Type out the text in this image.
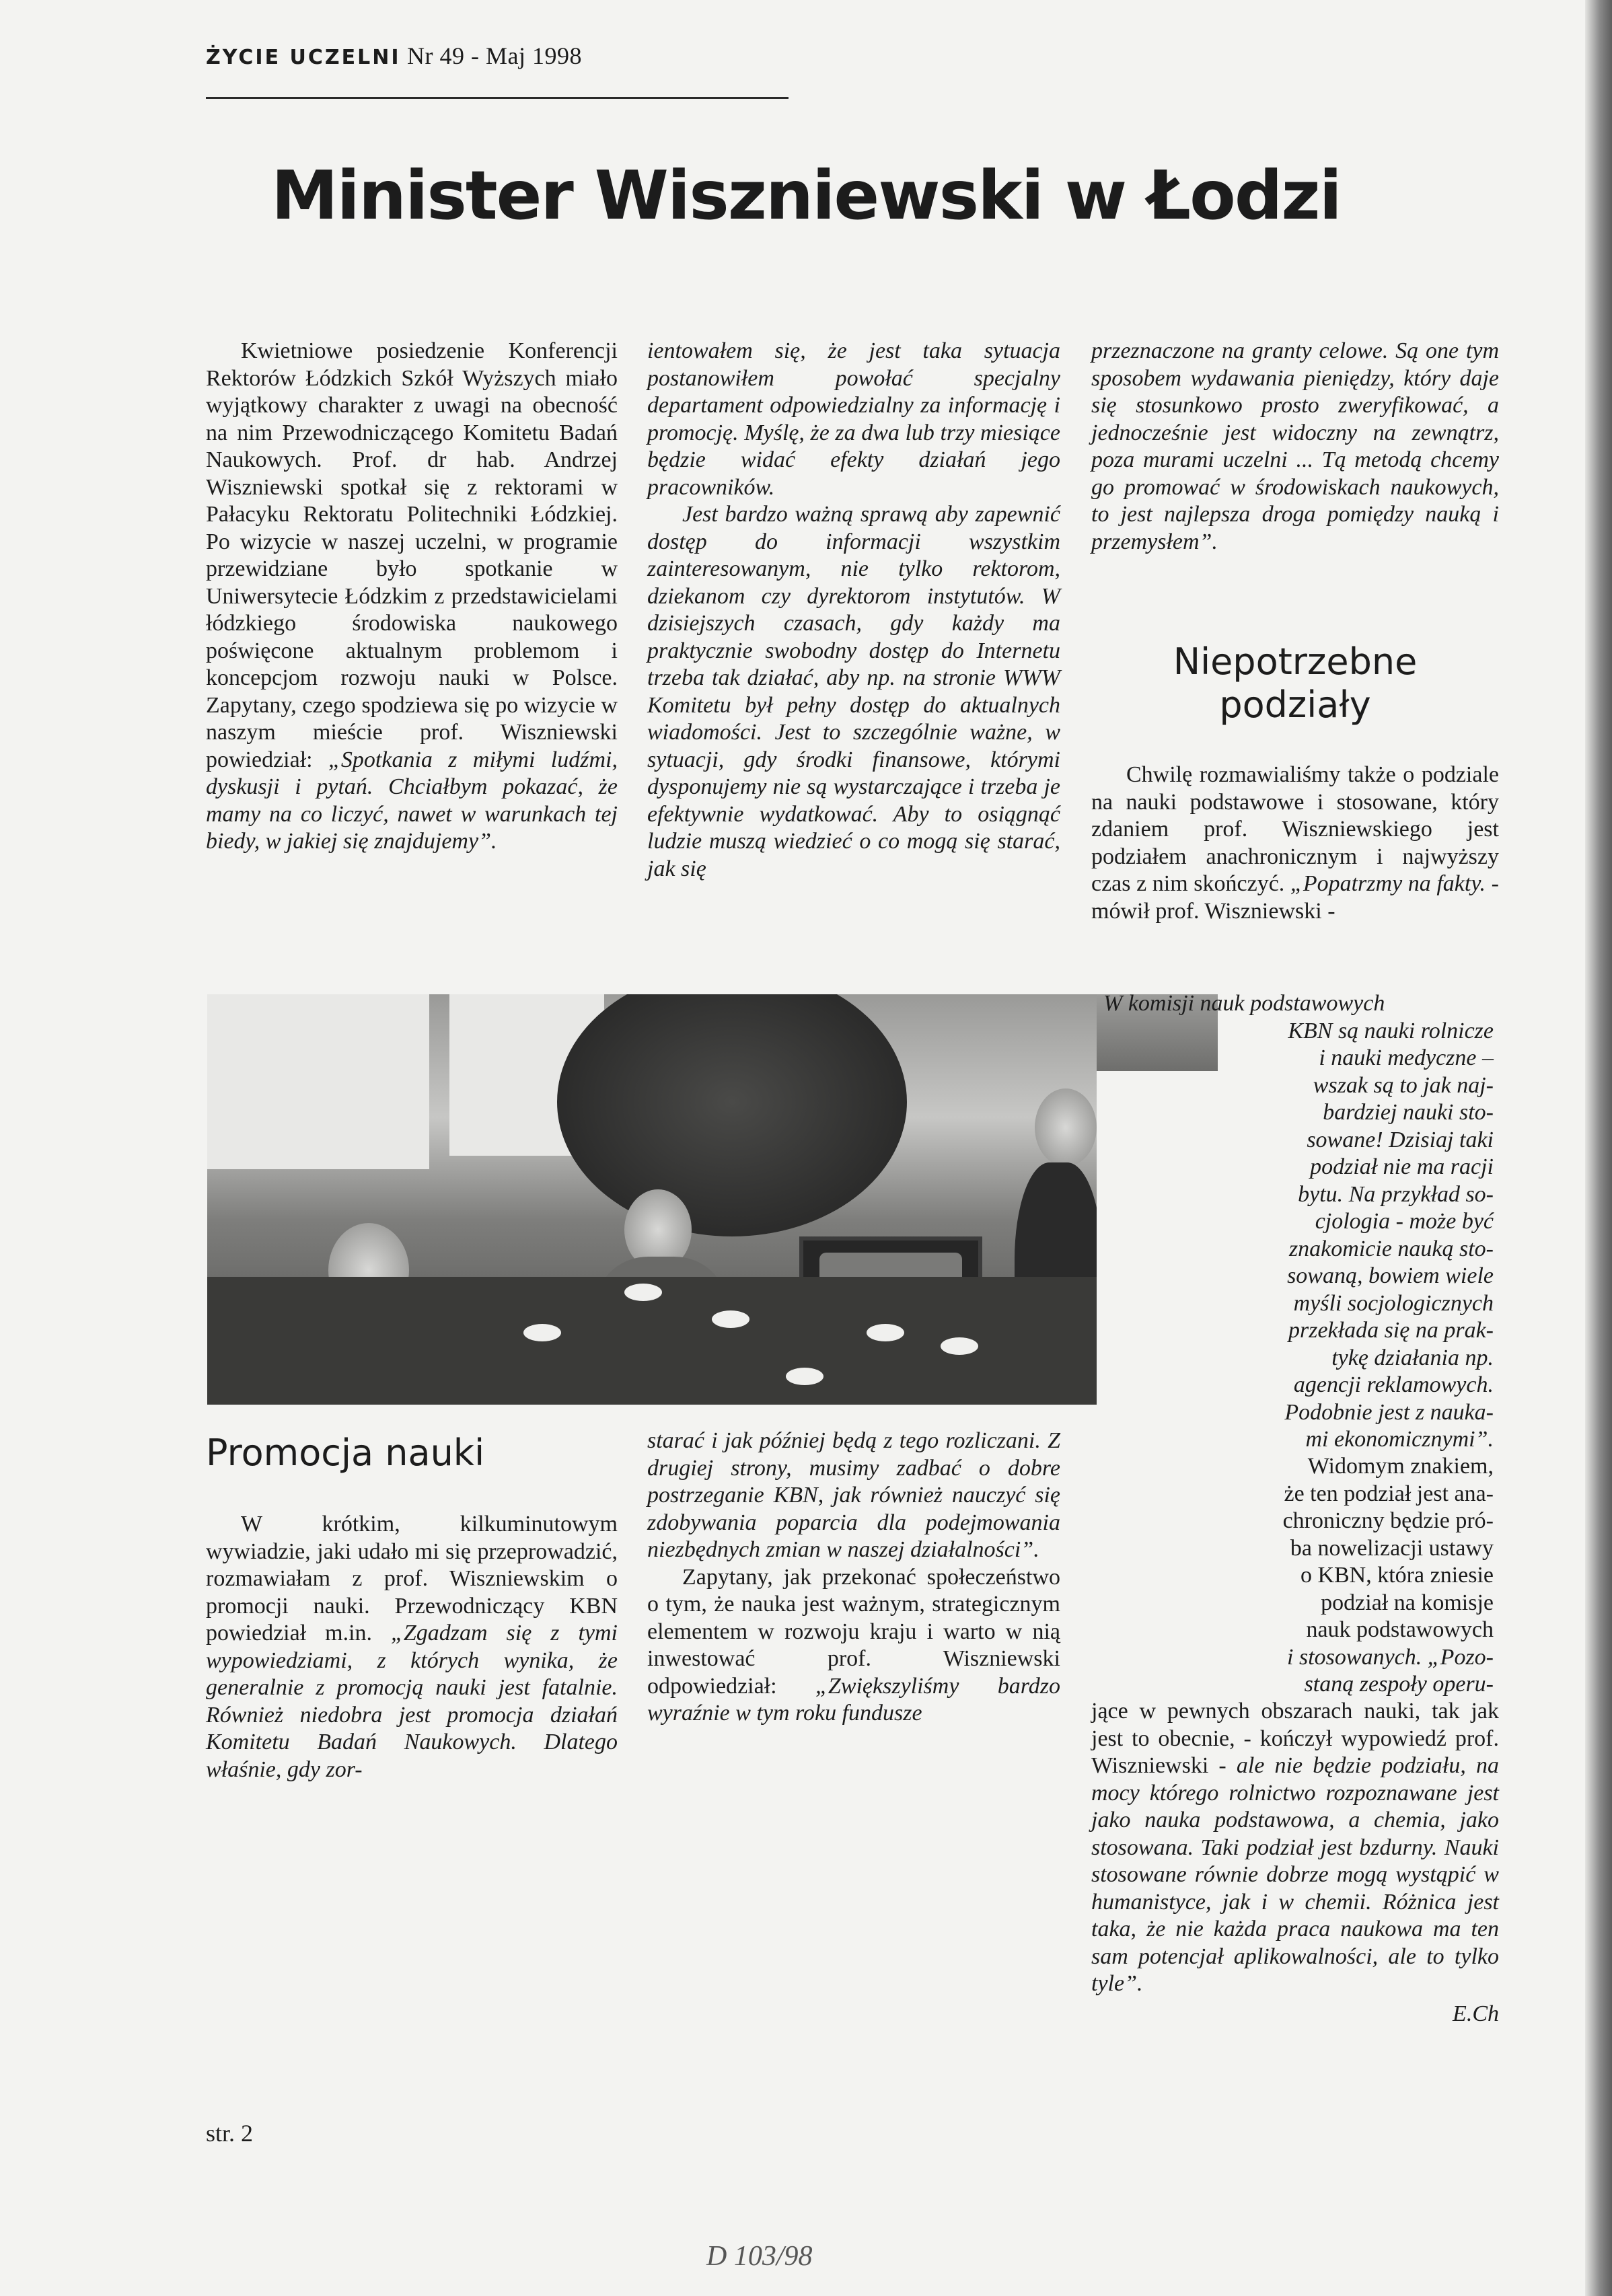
ŻYCIE UCZELNI Nr 49 - Maj 1998
Minister Wiszniewski w Łodzi

Kwietniowe posiedzenie Konferencji Rektorów Łódzkich Szkół Wyższych miało wyjątkowy charakter z uwagi na obecność na nim Przewodniczącego Komitetu Badań Naukowych. Prof. dr hab. Andrzej Wiszniewski spotkał się z rektorami w Pałacyku Rektoratu Politechniki Łódzkiej. Po wizycie w naszej uczelni, w programie przewidziane było spotkanie w Uniwersytecie Łódzkim z przedstawicielami łódzkiego środowiska naukowego poświęcone aktualnym problemom i koncepcjom rozwoju nauki w Polsce. Zapytany, czego spodziewa się po wizycie w naszym mieście prof. Wiszniewski powiedział: „Spotkania z miłymi ludźmi, dyskusji i pytań. Chciałbym pokazać, że mamy na co liczyć, nawet w warunkach tej biedy, w jakiej się znajdujemy”.

ientowałem się, że jest taka sytuacja postanowiłem powołać specjalny departament odpowiedzialny za informację i promocję. Myślę, że za dwa lub trzy miesiące będzie widać efekty działań jego pracowników.

Jest bardzo ważną sprawą aby zapewnić dostęp do informacji wszystkim zainteresowanym, nie tylko rektorom, dziekanom czy dyrektorom instytutów. W dzisiejszych czasach, gdy każdy ma praktycznie swobodny dostęp do Internetu trzeba tak działać, aby np. na stronie WWW Komitetu był pełny dostęp do aktualnych wiadomości. Jest to szczególnie ważne, w sytuacji, gdy środki finansowe, którymi dysponujemy nie są wystarczające i trzeba je efektywnie wydatkować. Aby to osiągnąć ludzie muszą wiedzieć o co mogą się starać, jak się

przeznaczone na granty celowe. Są one tym sposobem wydawania pieniędzy, który daje się stosunkowo prosto zweryfikować, a jednocześnie jest widoczny na zewnątrz, poza murami uczelni ... Tą metodą chcemy go promować w środowiskach naukowych, to jest najlepsza droga pomiędzy nauką i przemysłem”.

Niepotrzebne
podziały

Chwilę rozmawialiśmy także o podziale na nauki podstawowe i stosowane, który zdaniem prof. Wiszniewskiego jest podziałem anachronicznym i najwyższy czas z nim skończyć. „Popatrzmy na fakty. - mówił prof. Wiszniewski -

W komisji nauk podstawowych
KBN są nauki rolnicze
i nauki medyczne –
wszak są to jak naj-
bardziej nauki sto-
sowane! Dzisiaj taki
podział nie ma racji
bytu. Na przykład so-
cjologia - może być
znakomicie nauką sto-
sowaną, bowiem wiele
myśli socjologicznych
przekłada się na prak-
tykę działania np.
agencji reklamowych.
Podobnie jest z nauka-
mi ekonomicznymi”.
Widomym znakiem,
że ten podział jest ana-
chroniczny będzie pró-
ba nowelizacji ustawy
o KBN, która zniesie
podział na komisje
nauk podstawowych
i stosowanych. „Pozo-
staną zespoły operu-

jące w pewnych obszarach nauki, tak jak jest to obecnie, - kończył wypowiedź prof. Wiszniewski - ale nie będzie podziału, na mocy którego rolnictwo rozpoznawane jest jako nauka podstawowa, a chemia, jako stosowana. Taki podział jest bzdurny. Nauki stosowane równie dobrze mogą wystąpić w humanistyce, jak i w chemii. Różnica jest taka, że nie każda praca naukowa ma ten sam potencjał aplikowalności, ale to tylko tyle”.

E.Ch
Promocja nauki

W krótkim, kilkuminutowym wywiadzie, jaki udało mi się przeprowadzić, rozmawiałam z prof. Wiszniewskim o promocji nauki. Przewodniczący KBN powiedział m.in. „Zgadzam się z tymi wypowiedziami, z których wynika, że generalnie z promocją nauki jest fatalnie. Również niedobra jest promocja działań Komitetu Badań Naukowych. Dlatego właśnie, gdy zor-

starać i jak później będą z tego rozliczani. Z drugiej strony, musimy zadbać o dobre postrzeganie KBN, jak również nauczyć się zdobywania poparcia dla podejmowania niezbędnych zmian w naszej działalności”.

Zapytany, jak przekonać społeczeństwo o tym, że nauka jest ważnym, strategicznym elementem w rozwoju kraju i warto w nią inwestować prof. Wiszniewski odpowiedział: „Zwiększyliśmy bardzo wyraźnie w tym roku fundusze

str. 2
D 103/98
